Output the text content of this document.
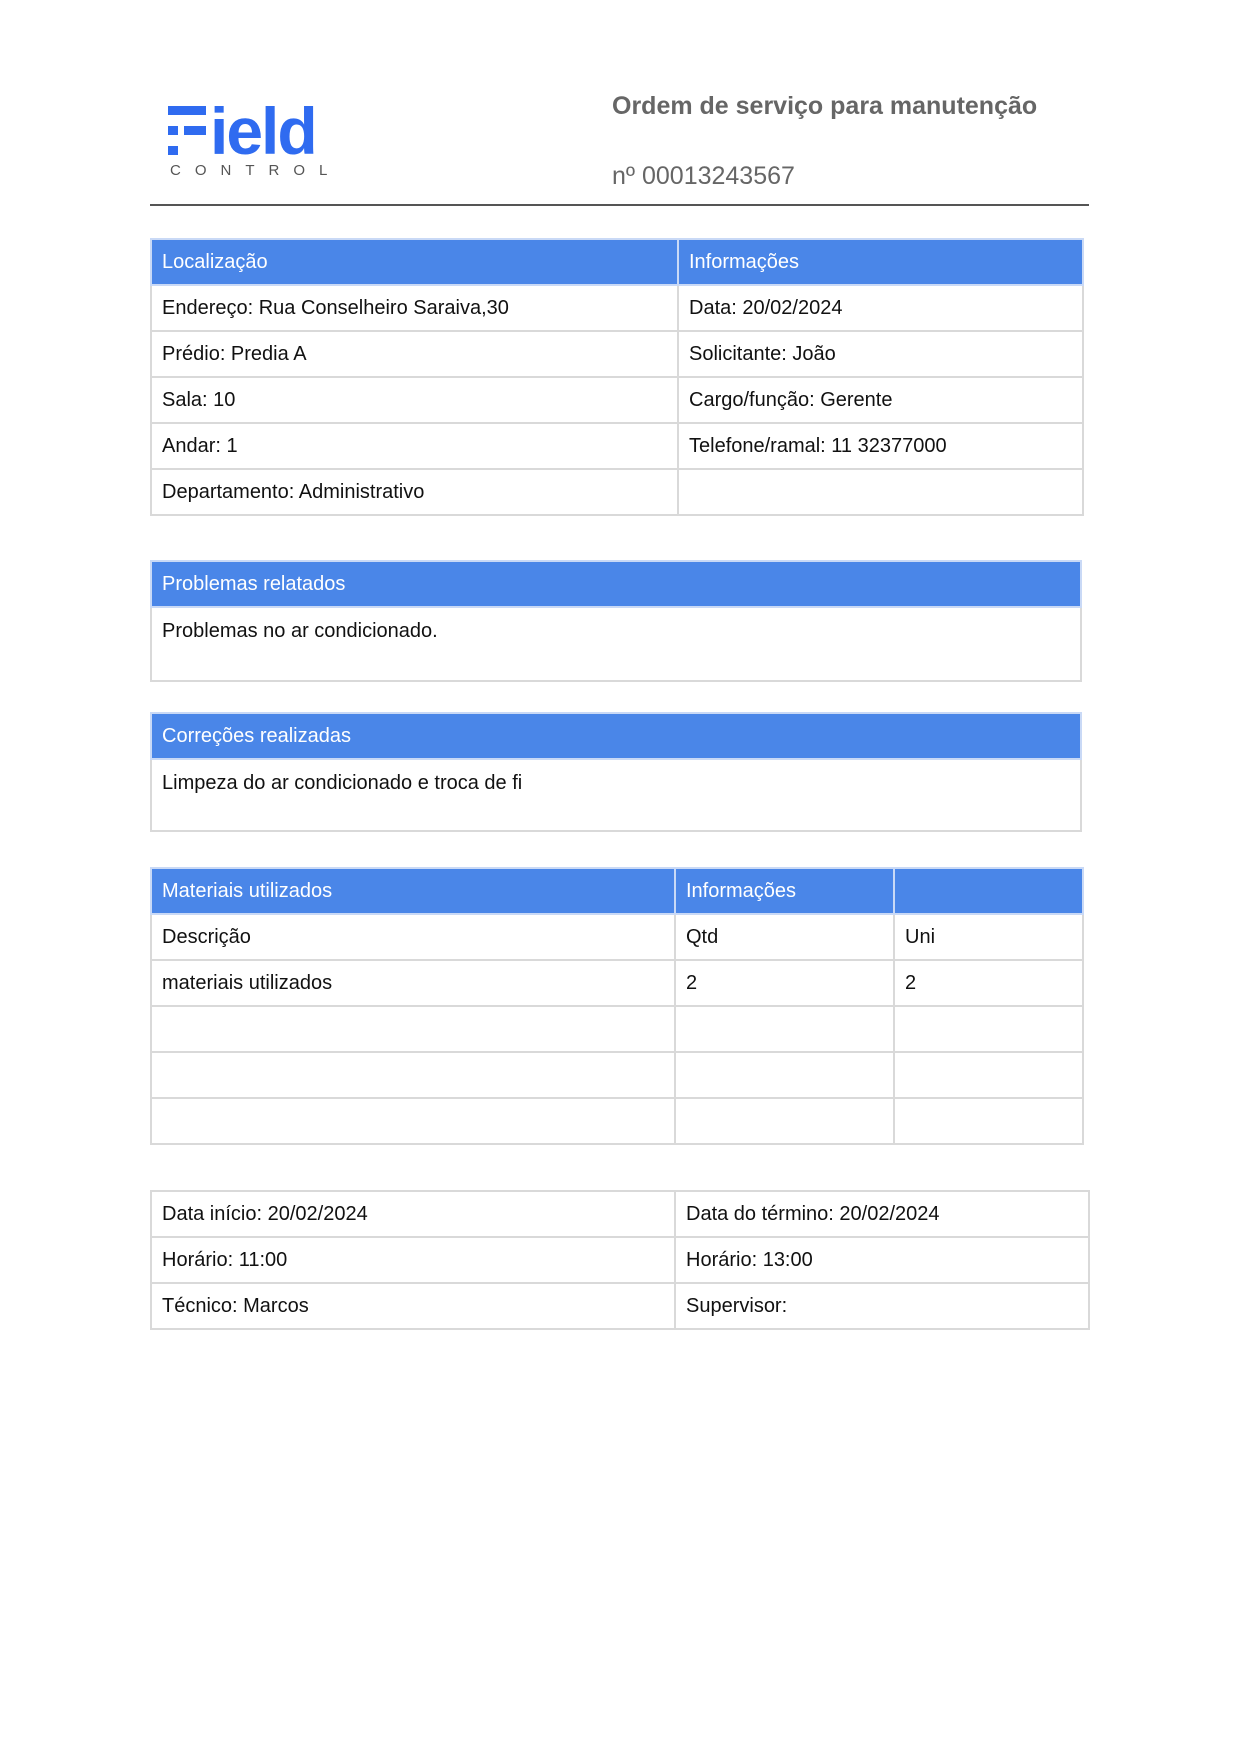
ield
CONTROL
Ordem de serviço para manutenção
nº 00013243567
Localização	Informações
Endereço: Rua Conselheiro Saraiva,30	Data: 20/02/2024
Prédio: Predia A	Solicitante: João
Sala: 10	Cargo/função: Gerente
Andar: 1	Telefone/ramal: 11 32377000
Departamento: Administrativo	
Problemas relatados
Problemas no ar condicionado.
Correções realizadas
Limpeza do ar condicionado e troca de fi
Materiais utilizados	Informações	
Descrição	Qtd	Uni
materiais utilizados	2	2

Data início: 20/02/2024	Data do término: 20/02/2024
Horário: 11:00	Horário: 13:00
Técnico: Marcos	Supervisor:
